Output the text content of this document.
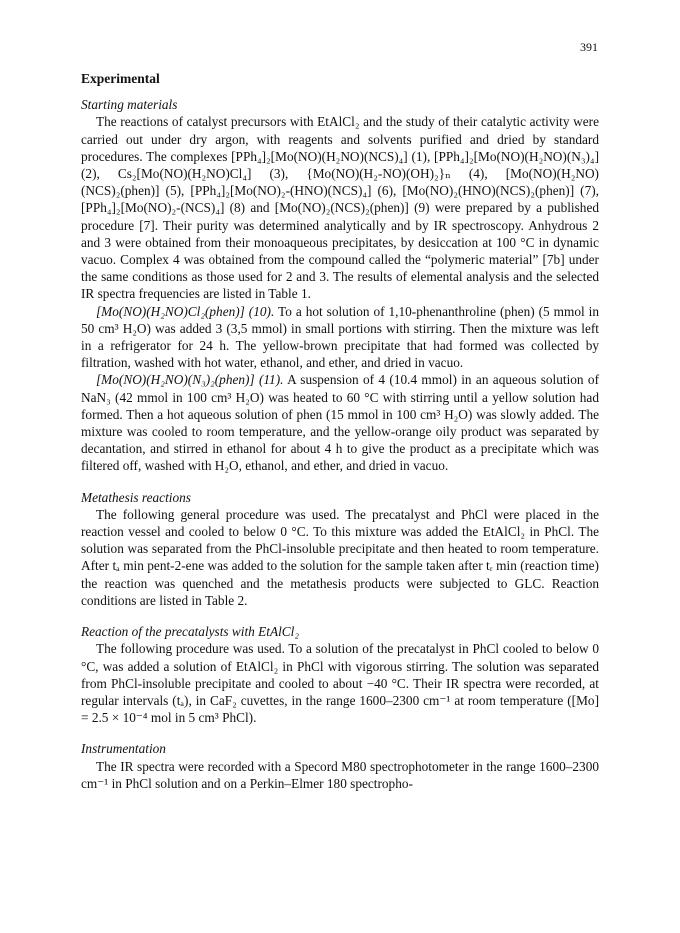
391
Experimental
Starting materials

The reactions of catalyst precursors with EtAlCl₂ and the study of their catalytic activity were carried out under dry argon, with reagents and solvents purified and dried by standard procedures. The complexes [PPh₄]₂[Mo(NO)(H₂NO)(NCS)₄] (1), [PPh₄]₂[Mo(NO)(H₂NO)(N₃)₄] (2), Cs₂[Mo(NO)(H₂NO)Cl₄] (3), {Mo(NO)(H₂-NO)(OH)₂}ₙ (4), [Mo(NO)(H₂NO)(NCS)₂(phen)] (5), [PPh₄]₂[Mo(NO)₂-(HNO)(NCS)₄] (6), [Mo(NO)₂(HNO)(NCS)₂(phen)] (7), [PPh₄]₂[Mo(NO)₂-(NCS)₄] (8) and [Mo(NO)₂(NCS)₂(phen)] (9) were prepared by a published procedure [7]. Their purity was determined analytically and by IR spectroscopy. Anhydrous 2 and 3 were obtained from their monoaqueous precipitates, by desiccation at 100 °C in dynamic vacuo. Complex 4 was obtained from the compound called the “polymeric material” [7b] under the same conditions as those used for 2 and 3. The results of elemental analysis and the selected IR spectra frequencies are listed in Table 1.

[Mo(NO)(H₂NO)Cl₂(phen)] (10). To a hot solution of 1,10-phenanthroline (phen) (5 mmol in 50 cm³ H₂O) was added 3 (3,5 mmol) in small portions with stirring. Then the mixture was left in a refrigerator for 24 h. The yellow-brown precipitate that had formed was collected by filtration, washed with hot water, ethanol, and ether, and dried in vacuo.

[Mo(NO)(H₂NO)(N₃)₂(phen)] (11). A suspension of 4 (10.4 mmol) in an aqueous solution of NaN₃ (42 mmol in 100 cm³ H₂O) was heated to 60 °C with stirring until a yellow solution had formed. Then a hot aqueous solution of phen (15 mmol in 100 cm³ H₂O) was slowly added. The mixture was cooled to room temperature, and the yellow-orange oily product was separated by decantation, and stirred in ethanol for about 4 h to give the product as a precipitate which was filtered off, washed with H₂O, ethanol, and ether, and dried in vacuo.

Metathesis reactions

The following general procedure was used. The precatalyst and PhCl were placed in the reaction vessel and cooled to below 0 °C. To this mixture was added the EtAlCl₂ in PhCl. The solution was separated from the PhCl-insoluble precipitate and then heated to room temperature. After tₐ min pent-2-ene was added to the solution for the sample taken after tᵣ min (reaction time) the reaction was quenched and the metathesis products were subjected to GLC. Reaction conditions are listed in Table 2.

Reaction of the precatalysts with EtAlCl₂

The following procedure was used. To a solution of the precatalyst in PhCl cooled to below 0 °C, was added a solution of EtAlCl₂ in PhCl with vigorous stirring. The solution was separated from PhCl-insoluble precipitate and cooled to about −40 °C. Their IR spectra were recorded, at regular intervals (tₐ), in CaF₂ cuvettes, in the range 1600–2300 cm⁻¹ at room temperature ([Mo] = 2.5 × 10⁻⁴ mol in 5 cm³ PhCl).

Instrumentation

The IR spectra were recorded with a Specord M80 spectrophotometer in the range 1600–2300 cm⁻¹ in PhCl solution and on a Perkin–Elmer 180 spectropho-
